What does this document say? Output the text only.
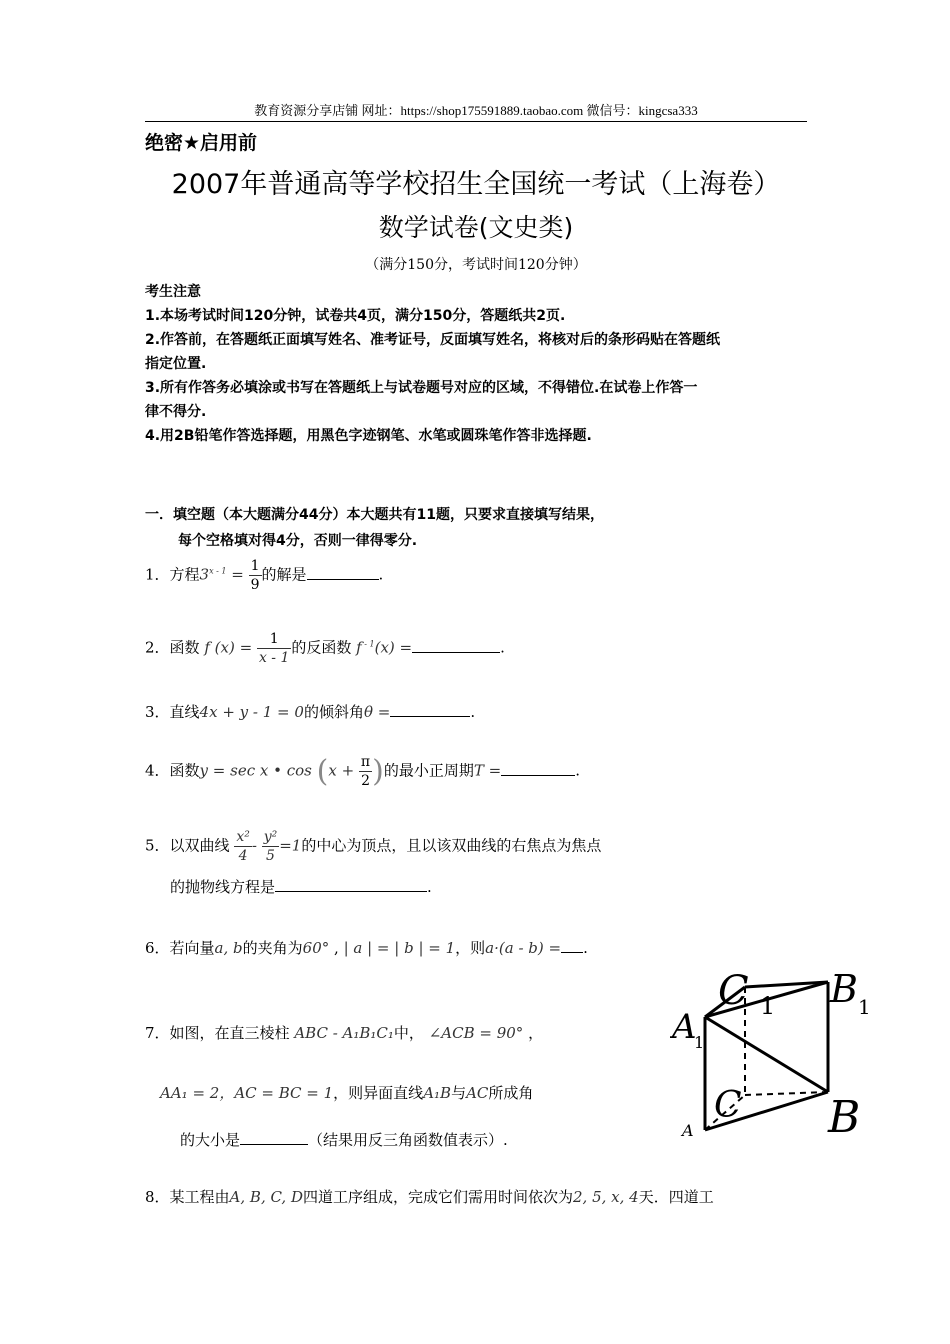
教育资源分享店铺 网址：https://shop175591889.taobao.com 微信号：kingcsa333
绝密★启用前
2007年普通高等学校招生全国统一考试（上海卷）
数学试卷(文史类)
（满分150分，考试时间120分钟）
考生注意
1.本场考试时间120分钟，试卷共4页，满分150分，答题纸共2页.
2.作答前，在答题纸正面填写姓名、准考证号，反面填写姓名，将核对后的条形码贴在答题纸
指定位置.
3.所有作答务必填涂或书写在答题纸上与试卷题号对应的区域，不得错位.在试卷上作答一
律不得分.
4.用2B铅笔作答选择题，用黑色字迹钢笔、水笔或圆珠笔作答非选择题.
一．填空题（本大题满分44分）本大题共有11题，只要求直接填写结果，
每个空格填对得4分，否则一律得零分.
1．方程$3^{x - 1} = \frac{1}{9}$ 的解是	.
2．函数 f $(x) = \frac{1}{x - 1}$ 的反函数 f $^{- 1}$(x) =	.
3．直线4x + y - 1 = 0的倾斜角θ =	.
4．函数y = sec x • $\cos (x + \frac{\pi}{2}$ )的最小正周期T =	.
5．以双曲线 $\frac{\text{x²}}{4} - \frac{\text{y²}}{5} =1$的中心为顶点，且以该双曲线的右焦点为焦点
的抛物线方程是	.
6．若向量a, b的夹角为60° , | a | = | b | = 1，则a·(a - b) = .
7．如图，在直三棱柱 ABC - A₁B₁C₁中， ∠ACB = 90° ，
AA₁ = 2，AC = BC = 1，则异面直线A₁B与AC所成角
的大小是	（结果用反三角函数值表示）.
8．某工程由A, B, C, D四道工序组成，完成它们需用时间依次为2, 5, x, 4天．四道工
C 1 B 1
A
1
C B
A
